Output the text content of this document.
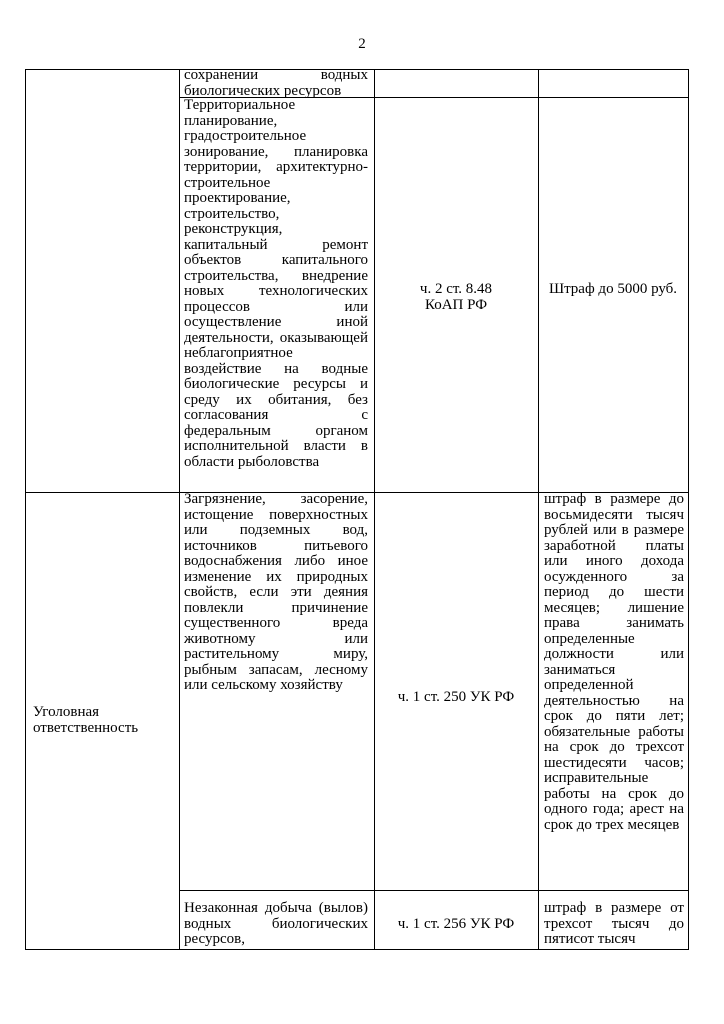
2
сохранении водных биологических ресурсов
Территориальное планирование, градостроительное зонирование, планировка территории, архитектурно-строительное проектирование, строительство, реконструкция, капитальный ремонт объектов капитального строительства, внедрение новых технологических процессов или осуществление иной деятельности, оказывающей неблагоприятное воздействие на водные биологические ресурсы и среду их обитания, без согласования с федеральным органом исполнительной власти в области рыболовства
ч. 2 ст. 8.48 КоАП РФ
Штраф до 5000 руб.
Уголовная ответственность
Загрязнение, засорение, истощение поверхностных или подземных вод, источников питьевого водоснабжения либо иное изменение их природных свойств, если эти деяния повлекли причинение существенного вреда животному или растительному миру, рыбным запасам, лесному или сельскому хозяйству
ч. 1 ст. 250 УК РФ
штраф в размере до восьмидесяти тысяч рублей или в размере заработной платы или иного дохода осужденного за период до шести месяцев; лишение права занимать определенные должности или заниматься определенной деятельностью на срок до пяти лет; обязательные работы на срок до трехсот шестидесяти часов; исправительные работы на срок до одного года; арест на срок до трех месяцев
Незаконная добыча (вылов) водных биологических ресурсов,
ч. 1 ст. 256 УК РФ
штраф в размере от трехсот тысяч до пятисот тысяч
